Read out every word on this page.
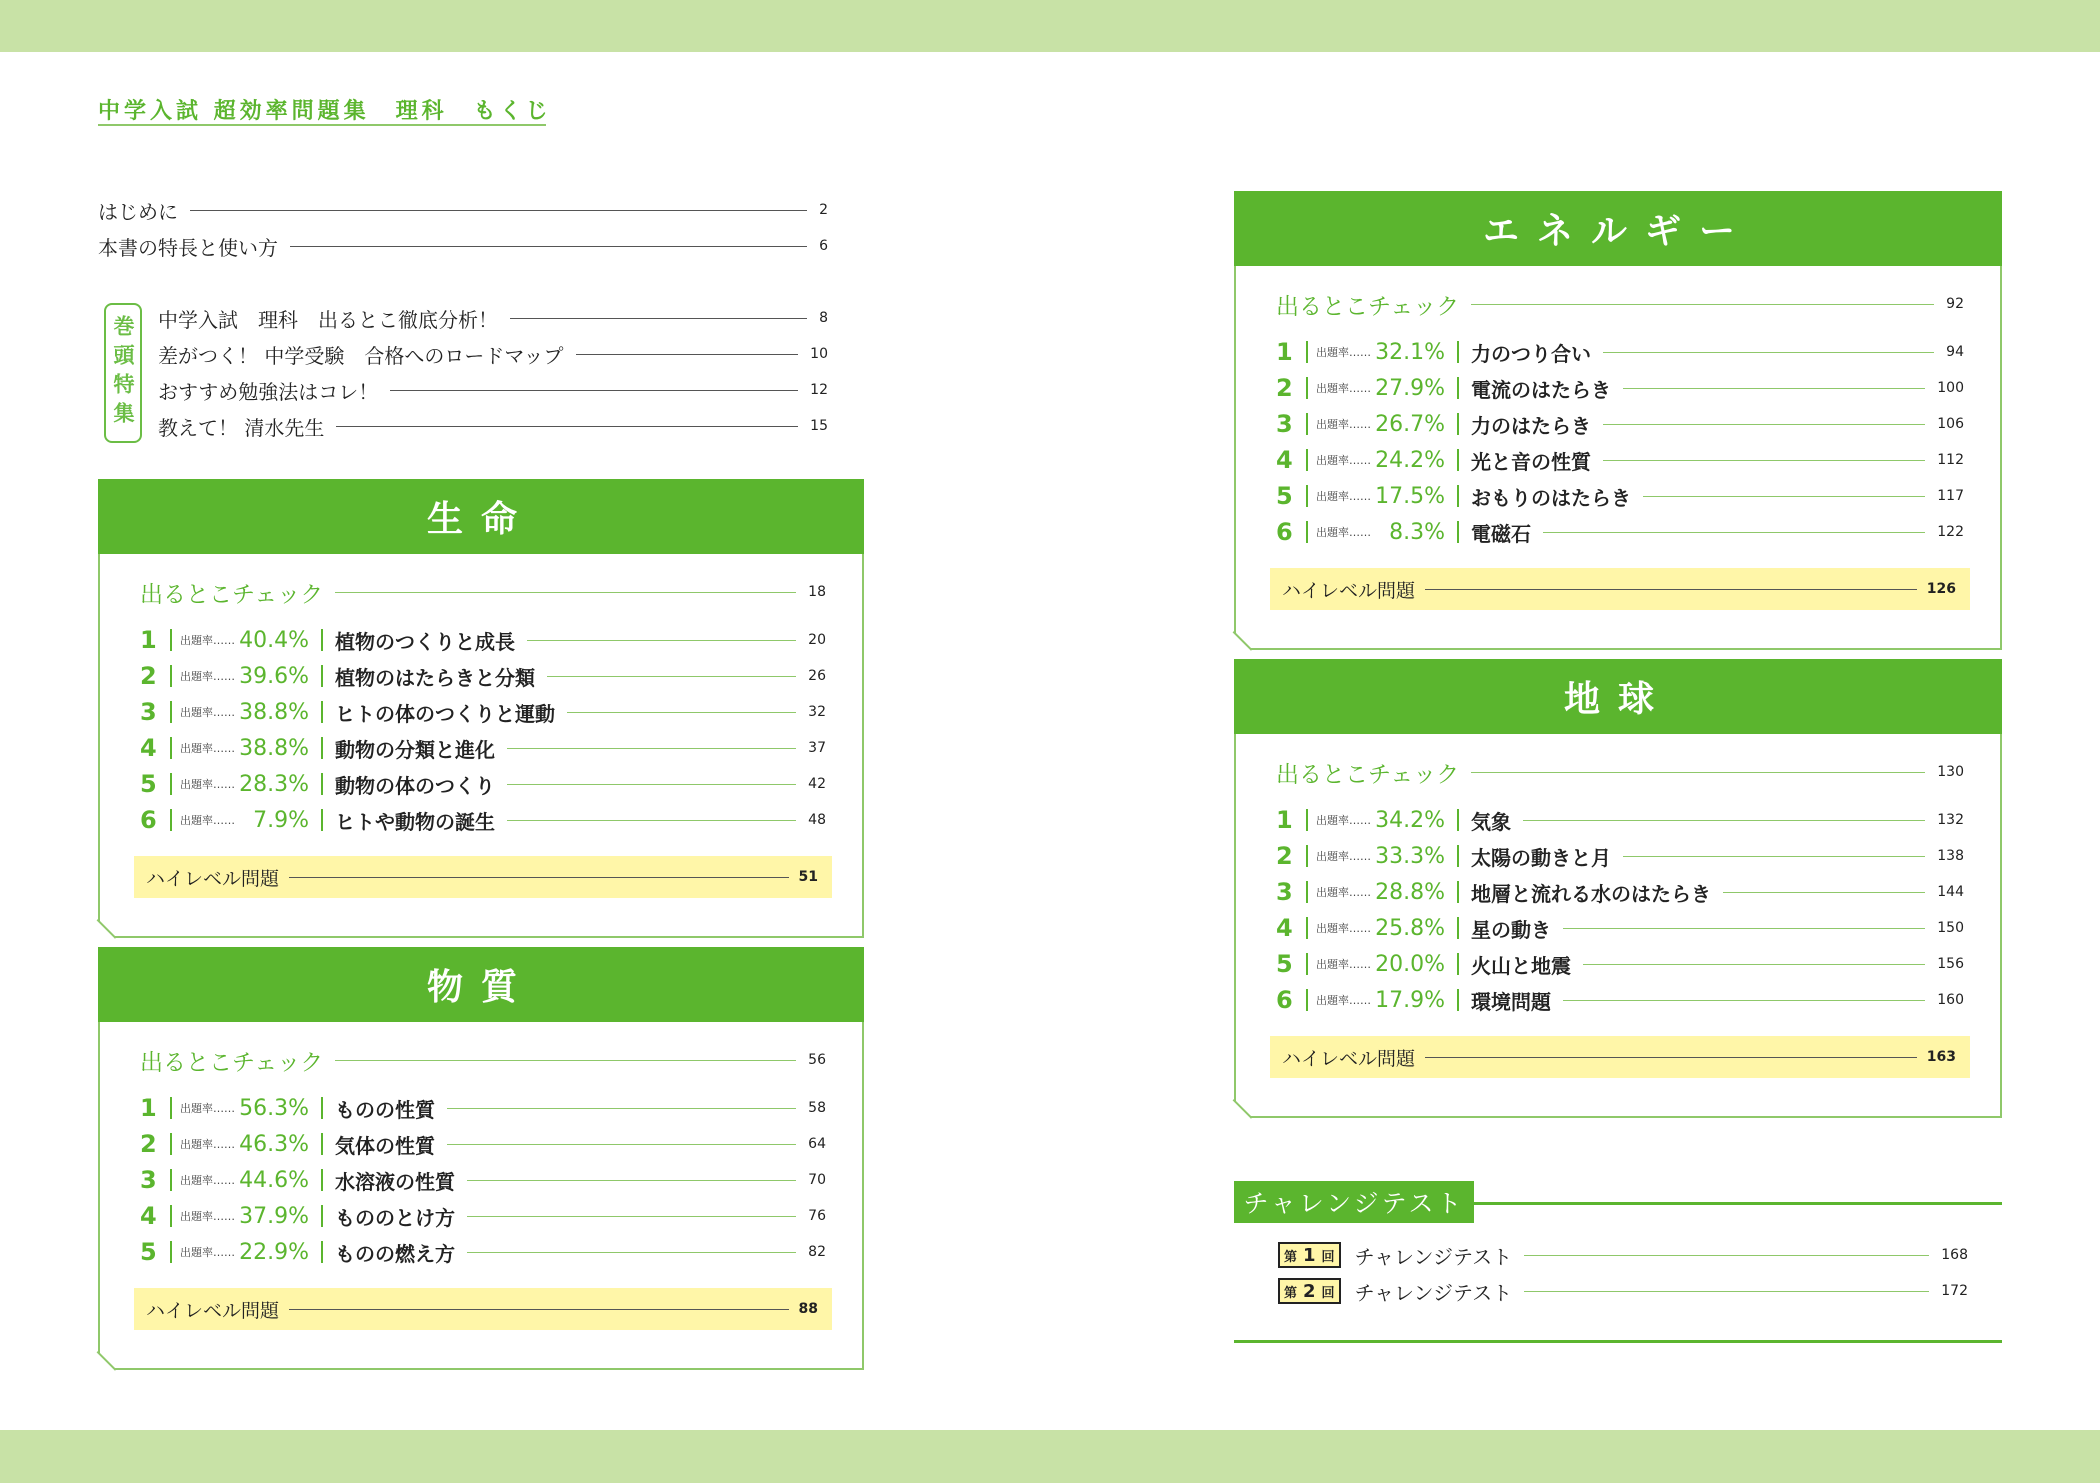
中学入試 超効率問題集　理科　もくじ
はじめに	2
本書の特長と使い方	6
巻頭特集 中学入試　理科　出るとこ徹底分析！	8
差がつく！ 中学受験　合格へのロードマップ	10
おすすめ勉強法はコレ！	12
教えて！ 清水先生	15
生命
出るとこチェック	18
1	出題率…… 40.4% 植物のつくりと成長	20
2	出題率…… 39.6% 植物のはたらきと分類	26
3	出題率…… 38.8% ヒトの体のつくりと運動	32
4	出題率…… 38.8% 動物の分類と進化	37
5	出題率…… 28.3% 動物の体のつくり	42
6	出題率…… 7.9% ヒトや動物の誕生	48
ハイレベル問題	51
物質
出るとこチェック	56
1	出題率…… 56.3% ものの性質	58
2	出題率…… 46.3% 気体の性質	64
3	出題率…… 44.6% 水溶液の性質	70
4	出題率…… 37.9% もののとけ方	76
5	出題率…… 22.9% ものの燃え方	82
ハイレベル問題	88
エネルギー
出るとこチェック	92
1	出題率…… 32.1% 力のつり合い	94
2	出題率…… 27.9% 電流のはたらき	100
3	出題率…… 26.7% 力のはたらき	106
4	出題率…… 24.2% 光と音の性質	112
5	出題率…… 17.5% おもりのはたらき	117
6	出題率…… 8.3% 電磁石	122
ハイレベル問題	126
地球
出るとこチェック	130
1	出題率…… 34.2% 気象	132
2	出題率…… 33.3% 太陽の動きと月	138
3	出題率…… 28.8% 地層と流れる水のはたらき	144
4	出題率…… 25.8% 星の動き	150
5	出題率…… 20.0% 火山と地震	156
6	出題率…… 17.9% 環境問題	160
ハイレベル問題	163
チャレンジテスト
第 1 回 チャレンジテスト	168
第 2 回 チャレンジテスト	172
